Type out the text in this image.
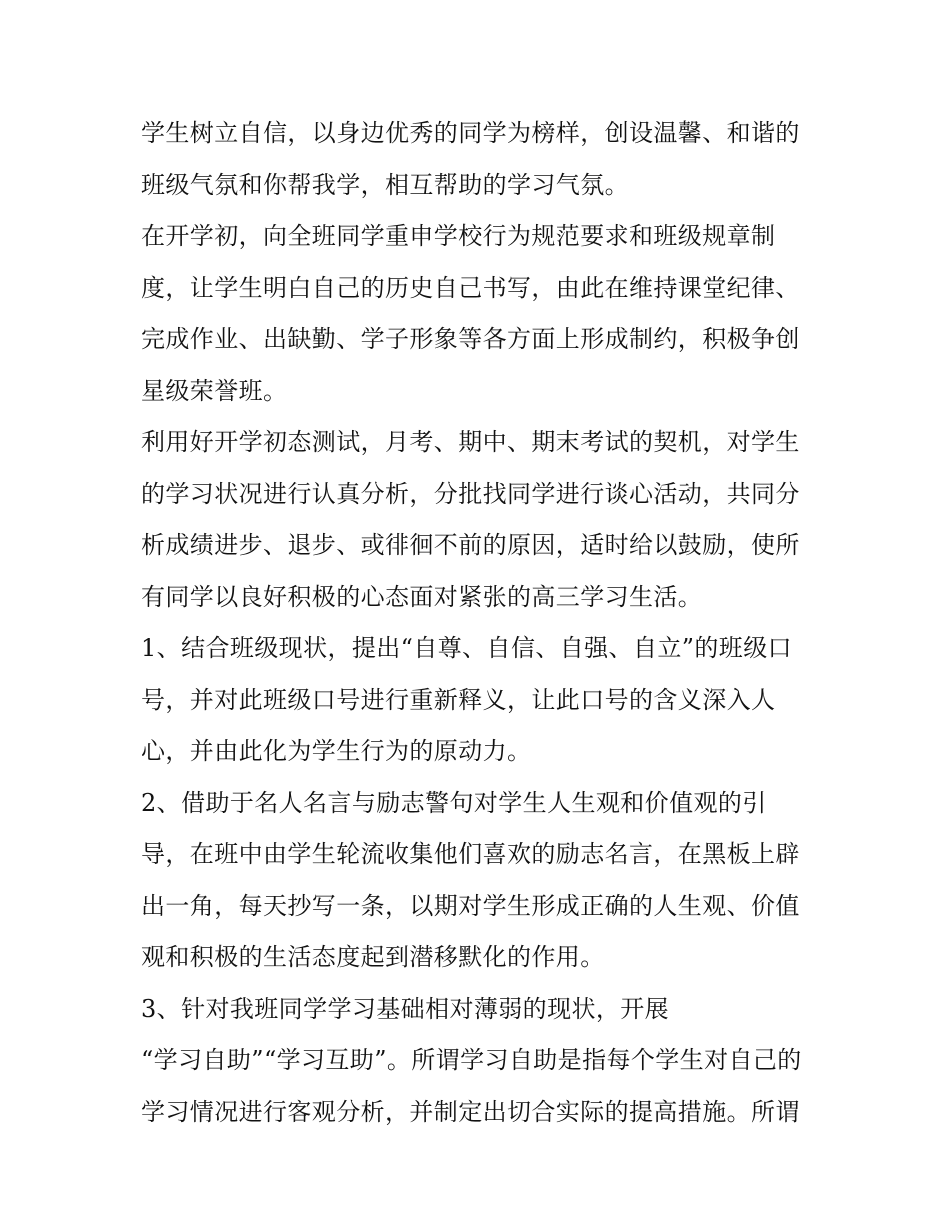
学生树立自信，以身边优秀的同学为榜样，创设温馨、和谐的
班级气氛和你帮我学，相互帮助的学习气氛。
在开学初，向全班同学重申学校行为规范要求和班级规章制
度，让学生明白自己的历史自己书写，由此在维持课堂纪律、
完成作业、出缺勤、学子形象等各方面上形成制约，积极争创
星级荣誉班。
利用好开学初态测试，月考、期中、期末考试的契机，对学生
的学习状况进行认真分析，分批找同学进行谈心活动，共同分
析成绩进步、退步、或徘徊不前的原因，适时给以鼓励，使所
有同学以良好积极的心态面对紧张的高三学习生活。
1、结合班级现状，提出“自尊、自信、自强、自立”的班级口
号，并对此班级口号进行重新释义，让此口号的含义深入人
心，并由此化为学生行为的原动力。
2、借助于名人名言与励志警句对学生人生观和价值观的引
导，在班中由学生轮流收集他们喜欢的励志名言，在黑板上辟
出一角，每天抄写一条，以期对学生形成正确的人生观、价值
观和积极的生活态度起到潜移默化的作用。
3、针对我班同学学习基础相对薄弱的现状，开展
“学习自助”“学习互助”。所谓学习自助是指每个学生对自己的
学习情况进行客观分析，并制定出切合实际的提高措施。所谓
